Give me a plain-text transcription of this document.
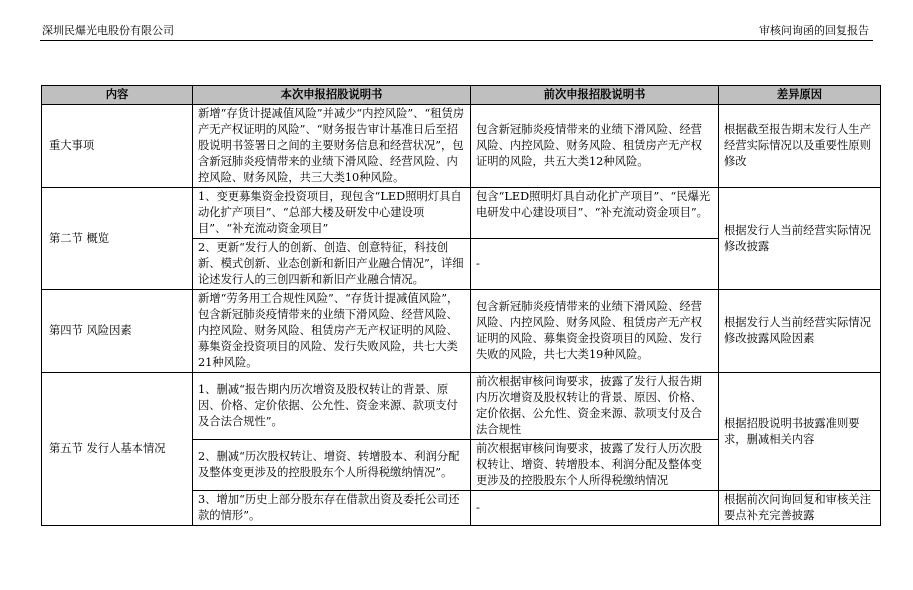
深圳民爆光电股份有限公司	审核问询函的回复报告
内容	本次申报招股说明书	前次申报招股说明书	差异原因
重大事项	新增“存货计提减值风险”并减少“内控风险”、“租赁房产无产权证明的风险”、“财务报告审计基准日后至招股说明书签署日之间的主要财务信息和经营状况”，包含新冠肺炎疫情带来的业绩下滑风险、经营风险、内控风险、财务风险，共三大类10种风险。	包含新冠肺炎疫情带来的业绩下滑风险、经营风险、内控风险、财务风险、租赁房产无产权证明的风险，共五大类12种风险。	根据截至报告期末发行人生产经营实际情况以及重要性原则修改
第二节 概览	1、变更募集资金投资项目，现包含“LED照明灯具自动化扩产项目”、“总部大楼及研发中心建设项目”、“补充流动资金项目”	包含“LED照明灯具自动化扩产项目”、“民爆光电研发中心建设项目”、“补充流动资金项目”。	根据发行人当前经营实际情况修改披露
	2、更新“发行人的创新、创造、创意特征，科技创新、模式创新、业态创新和新旧产业融合情况”，详细论述发行人的三创四新和新旧产业融合情况。	-	
第四节 风险因素	新增“劳务用工合规性风险”、“存货计提减值风险”，包含新冠肺炎疫情带来的业绩下滑风险、经营风险、内控风险、财务风险、租赁房产无产权证明的风险、募集资金投资项目的风险、发行失败风险，共七大类21种风险。	包含新冠肺炎疫情带来的业绩下滑风险、经营风险、内控风险、财务风险、租赁房产无产权证明的风险、募集资金投资项目的风险、发行失败的风险，共七大类19种风险。	根据发行人当前经营实际情况修改披露风险因素
第五节 发行人基本情况	1、删减“报告期内历次增资及股权转让的背景、原因、价格、定价依据、公允性、资金来源、款项支付及合法合规性”。	前次根据审核问询要求，披露了发行人报告期内历次增资及股权转让的背景、原因、价格、定价依据、公允性、资金来源、款项支付及合法合规性	根据招股说明书披露准则要求，删减相关内容
	2、删减“历次股权转让、增资、转增股本、利润分配及整体变更涉及的控股股东个人所得税缴纳情况”。	前次根据审核问询要求，披露了发行人历次股权转让、增资、转增股本、利润分配及整体变更涉及的控股股东个人所得税缴纳情况	
	3、增加“历史上部分股东存在借款出资及委托公司还款的情形”。	-	根据前次问询回复和审核关注要点补充完善披露
